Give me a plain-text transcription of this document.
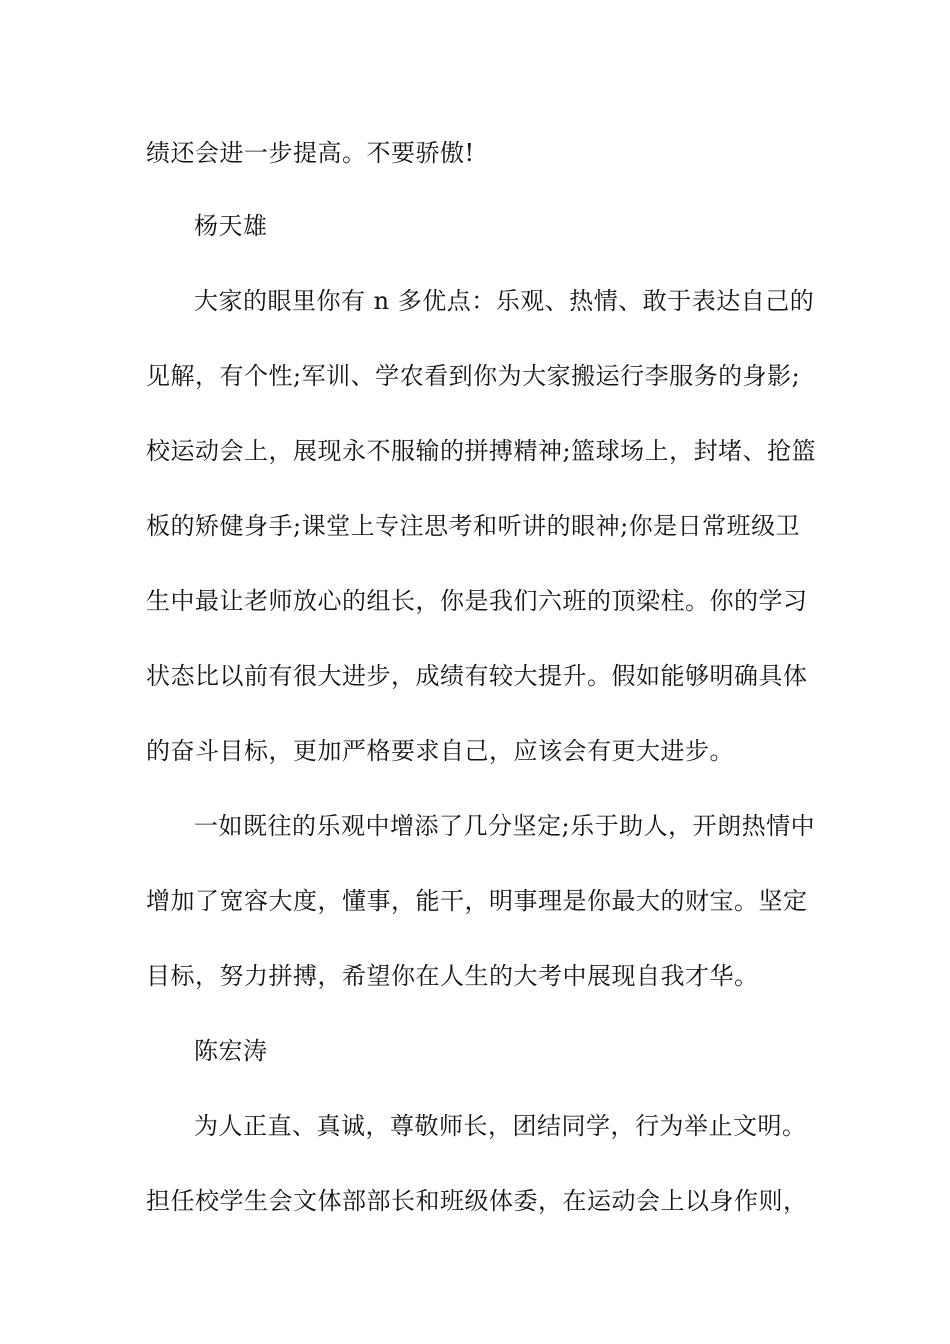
绩还会进一步提高。不要骄傲!
杨天雄
大家的眼里你有 n 多优点：乐观、热情、敢于表达自己的
见解，有个性;军训、学农看到你为大家搬运行李服务的身影;
校运动会上，展现永不服输的拼搏精神;篮球场上，封堵、抢篮
板的矫健身手;课堂上专注思考和听讲的眼神;你是日常班级卫
生中最让老师放心的组长，你是我们六班的顶梁柱。你的学习
状态比以前有很大进步，成绩有较大提升。假如能够明确具体
的奋斗目标，更加严格要求自己，应该会有更大进步。
一如既往的乐观中增添了几分坚定;乐于助人，开朗热情中
增加了宽容大度，懂事，能干，明事理是你最大的财宝。坚定
目标，努力拼搏，希望你在人生的大考中展现自我才华。
陈宏涛
为人正直、真诚，尊敬师长，团结同学，行为举止文明。
担任校学生会文体部部长和班级体委，在运动会上以身作则，
